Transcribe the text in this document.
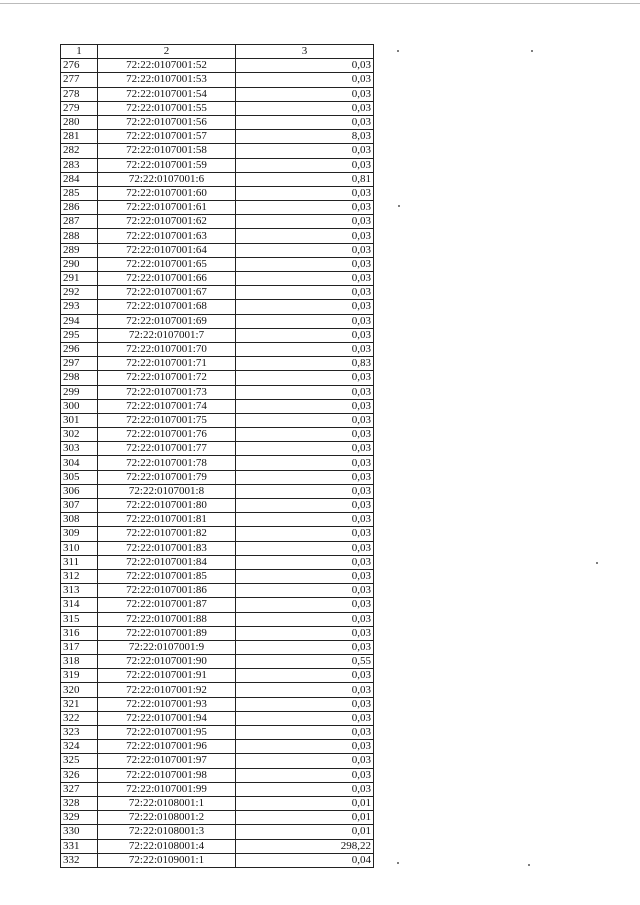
1	2	3
276	72:22:0107001:52	0,03
277	72:22:0107001:53	0,03
278	72:22:0107001:54	0,03
279	72:22:0107001:55	0,03
280	72:22:0107001:56	0,03
281	72:22:0107001:57	8,03
282	72:22:0107001:58	0,03
283	72:22:0107001:59	0,03
284	72:22:0107001:6	0,81
285	72:22:0107001:60	0,03
286	72:22:0107001:61	0,03
287	72:22:0107001:62	0,03
288	72:22:0107001:63	0,03
289	72:22:0107001:64	0,03
290	72:22:0107001:65	0,03
291	72:22:0107001:66	0,03
292	72:22:0107001:67	0,03
293	72:22:0107001:68	0,03
294	72:22:0107001:69	0,03
295	72:22:0107001:7	0,03
296	72:22:0107001:70	0,03
297	72:22:0107001:71	0,83
298	72:22:0107001:72	0,03
299	72:22:0107001:73	0,03
300	72:22:0107001:74	0,03
301	72:22:0107001:75	0,03
302	72:22:0107001:76	0,03
303	72:22:0107001:77	0,03
304	72:22:0107001:78	0,03
305	72:22:0107001:79	0,03
306	72:22:0107001:8	0,03
307	72:22:0107001:80	0,03
308	72:22:0107001:81	0,03
309	72:22:0107001:82	0,03
310	72:22:0107001:83	0,03
311	72:22:0107001:84	0,03
312	72:22:0107001:85	0,03
313	72:22:0107001:86	0,03
314	72:22:0107001:87	0,03
315	72:22:0107001:88	0,03
316	72:22:0107001:89	0,03
317	72:22:0107001:9	0,03
318	72:22:0107001:90	0,55
319	72:22:0107001:91	0,03
320	72:22:0107001:92	0,03
321	72:22:0107001:93	0,03
322	72:22:0107001:94	0,03
323	72:22:0107001:95	0,03
324	72:22:0107001:96	0,03
325	72:22:0107001:97	0,03
326	72:22:0107001:98	0,03
327	72:22:0107001:99	0,03
328	72:22:0108001:1	0,01
329	72:22:0108001:2	0,01
330	72:22:0108001:3	0,01
331	72:22:0108001:4	298,22
332	72:22:0109001:1	0,04
